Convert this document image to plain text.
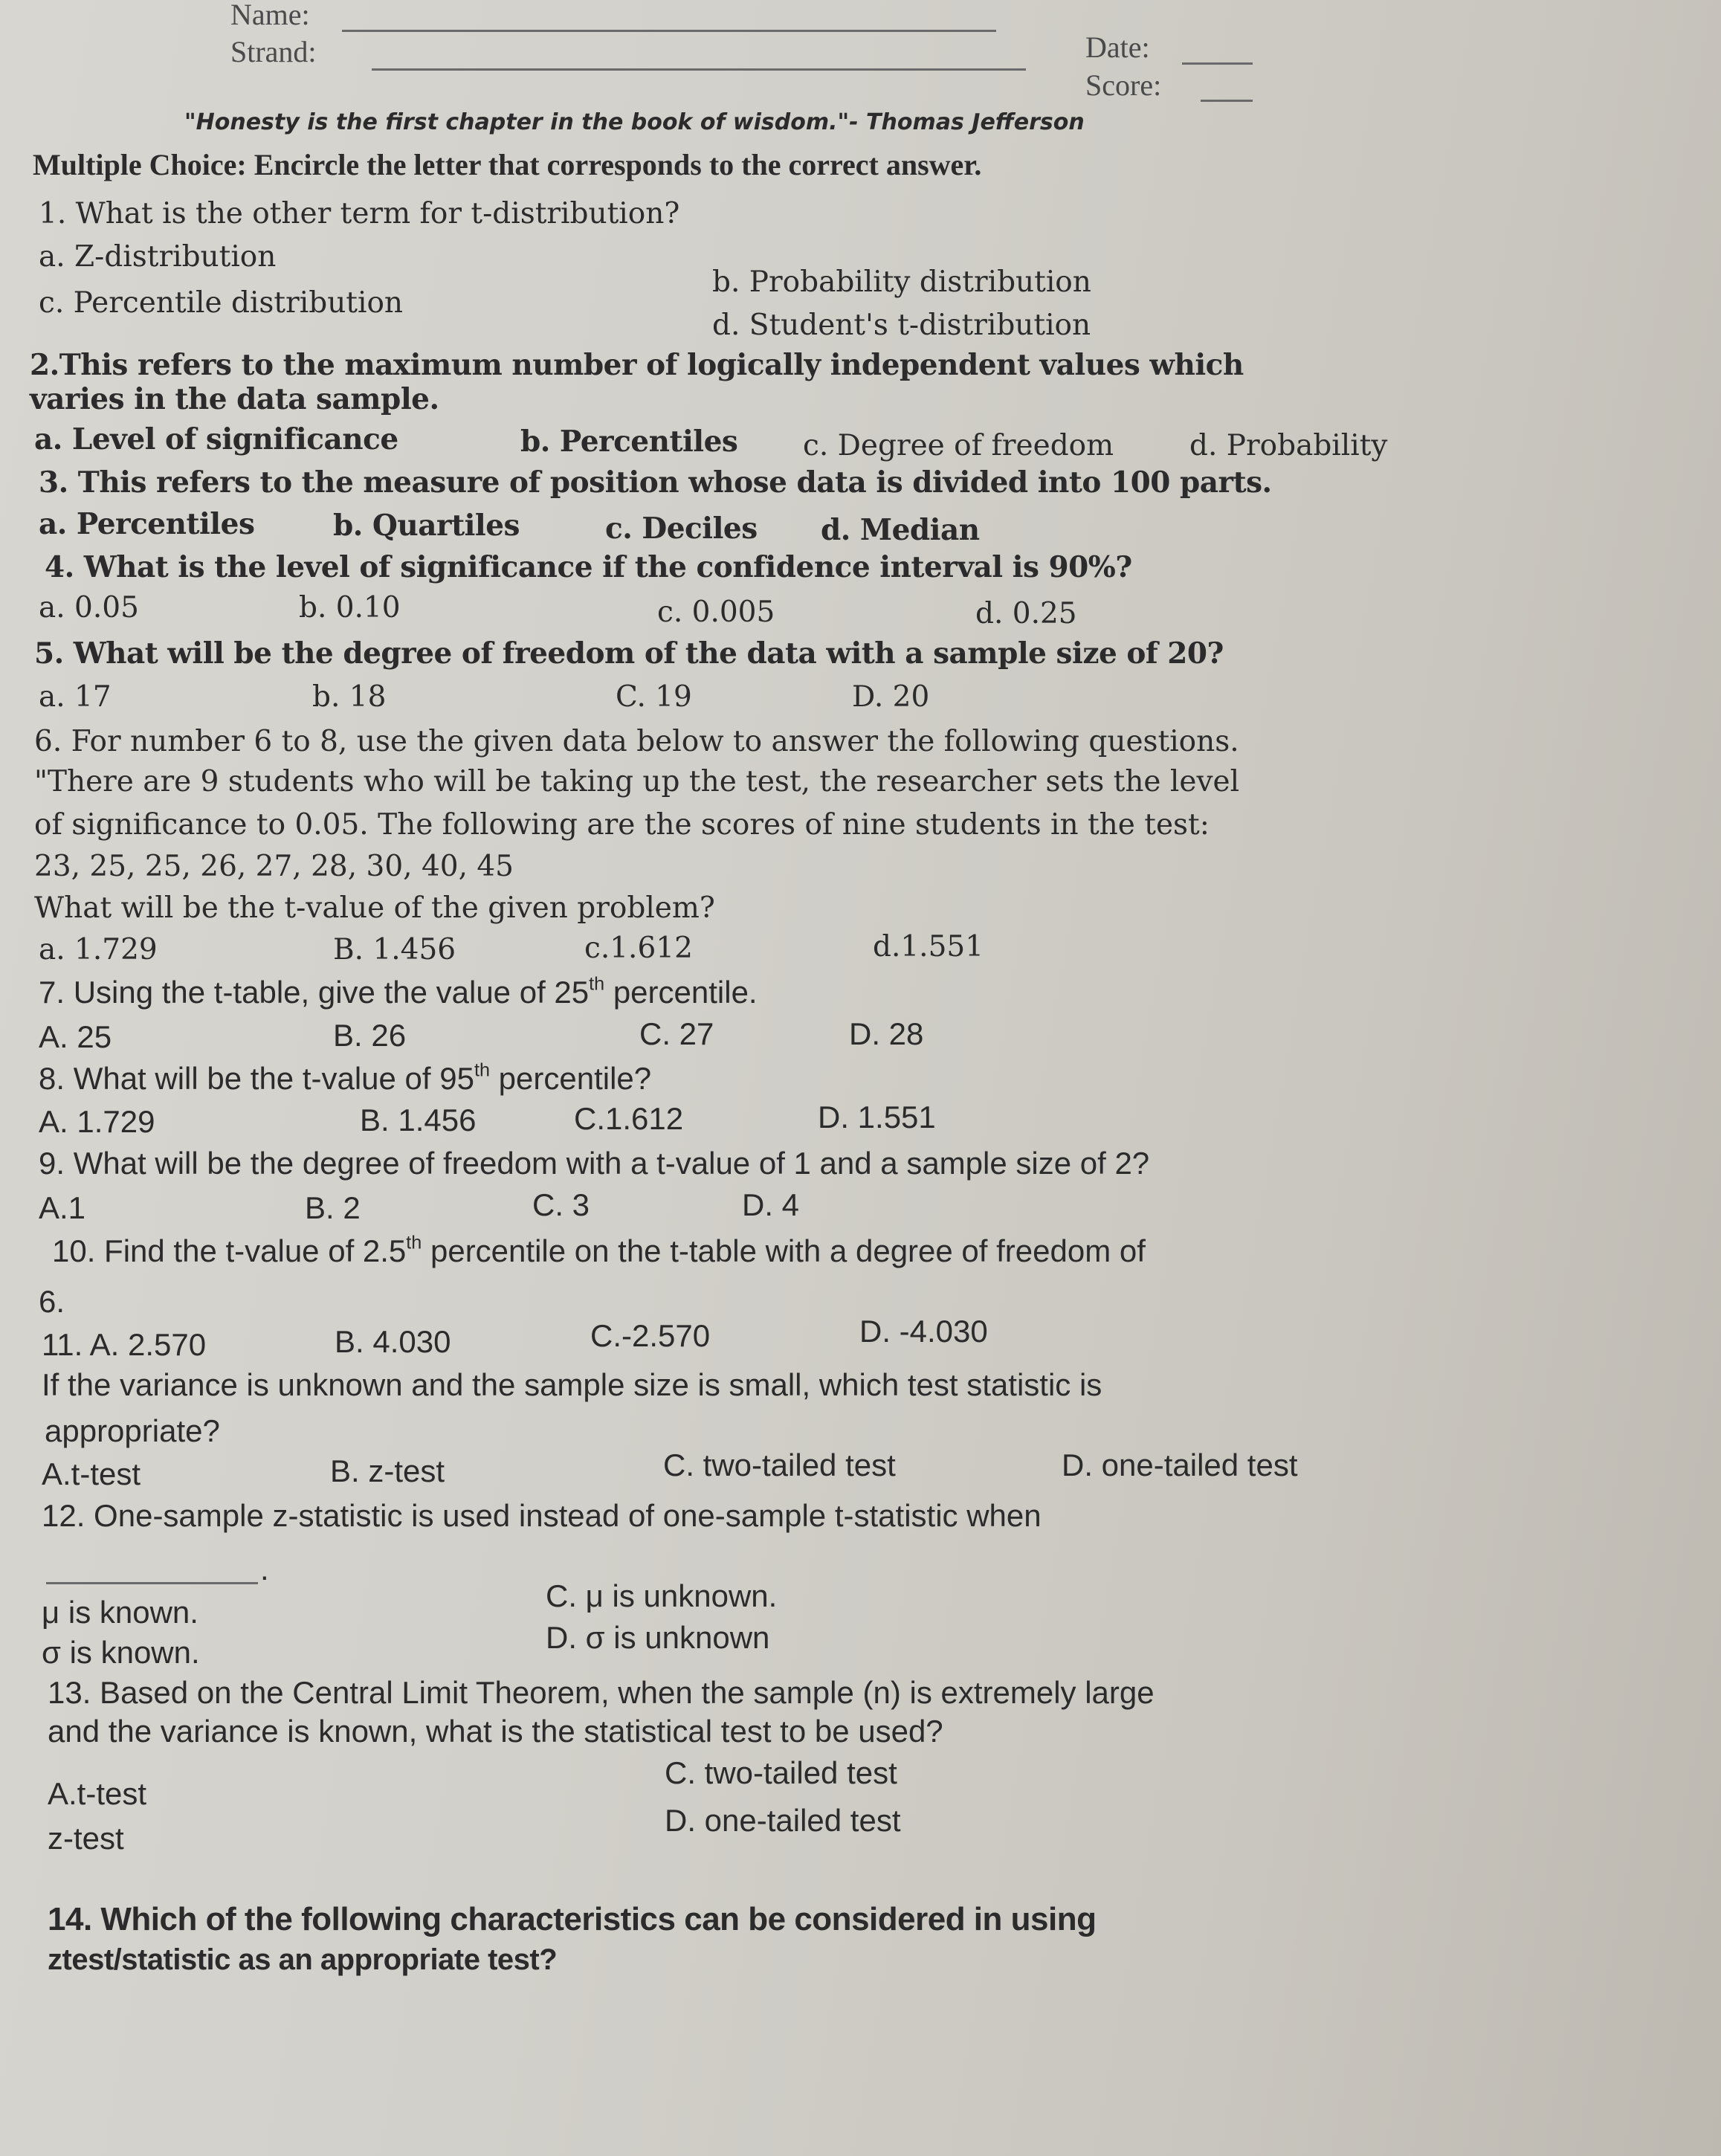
Name:
Strand:	Date:
Score:
"Honesty is the first chapter in the book of wisdom."- Thomas Jefferson
Multiple Choice: Encircle the letter that corresponds to the correct answer.
1. What is the other term for t-distribution?
a. Z-distribution
b. Probability distribution
c. Percentile distribution
d. Student's t-distribution
2.This refers to the maximum number of logically independent values which
varies in the data sample.
a. Level of significance	b. Percentiles c. Degree of freedom	d. Probability
3. This refers to the measure of position whose data is divided into 100 parts.
a. Percentiles	b. Quartiles	c. Deciles d. Median
4. What is the level of significance if the confidence interval is 90%?
a. 0.05	b. 0.10	c. 0.005	d. 0.25
5. What will be the degree of freedom of the data with a sample size of 20?
a. 17	b. 18	C. 19	D. 20
6. For number 6 to 8, use the given data below to answer the following questions.
"There are 9 students who will be taking up the test, the researcher sets the level
of significance to 0.05. The following are the scores of nine students in the test:
23, 25, 25, 26, 27, 28, 30, 40, 45
What will be the t-value of the given problem?
a. 1.729	B. 1.456	c.1.612	d.1.551
7. Using the t-table, give the value of 25th percentile.
A. 25	B. 26	C. 27	D. 28
8. What will be the t-value of 95th percentile?
A. 1.729	B. 1.456	C.1.612	D. 1.551
9. What will be the degree of freedom with a t-value of 1 and a sample size of 2?
A.1	B. 2	C. 3	D. 4
10. Find the t-value of 2.5th percentile on the t-table with a degree of freedom of
6.
11. A. 2.570	B. 4.030	C.-2.570	D. -4.030
If the variance is unknown and the sample size is small, which test statistic is
appropriate?
A.t-test	B. z-test	C. two-tailed test	D. one-tailed test
12. One-sample z-statistic is used instead of one-sample t-statistic when
.
μ is known.	C. μ is unknown.
σ is known.	D. σ is unknown
13. Based on the Central Limit Theorem, when the sample (n) is extremely large
and the variance is known, what is the statistical test to be used?
C. two-tailed test
A.t-test
D. one-tailed test
z-test
14. Which of the following characteristics can be considered in using
ztest/statistic as an appropriate test?
